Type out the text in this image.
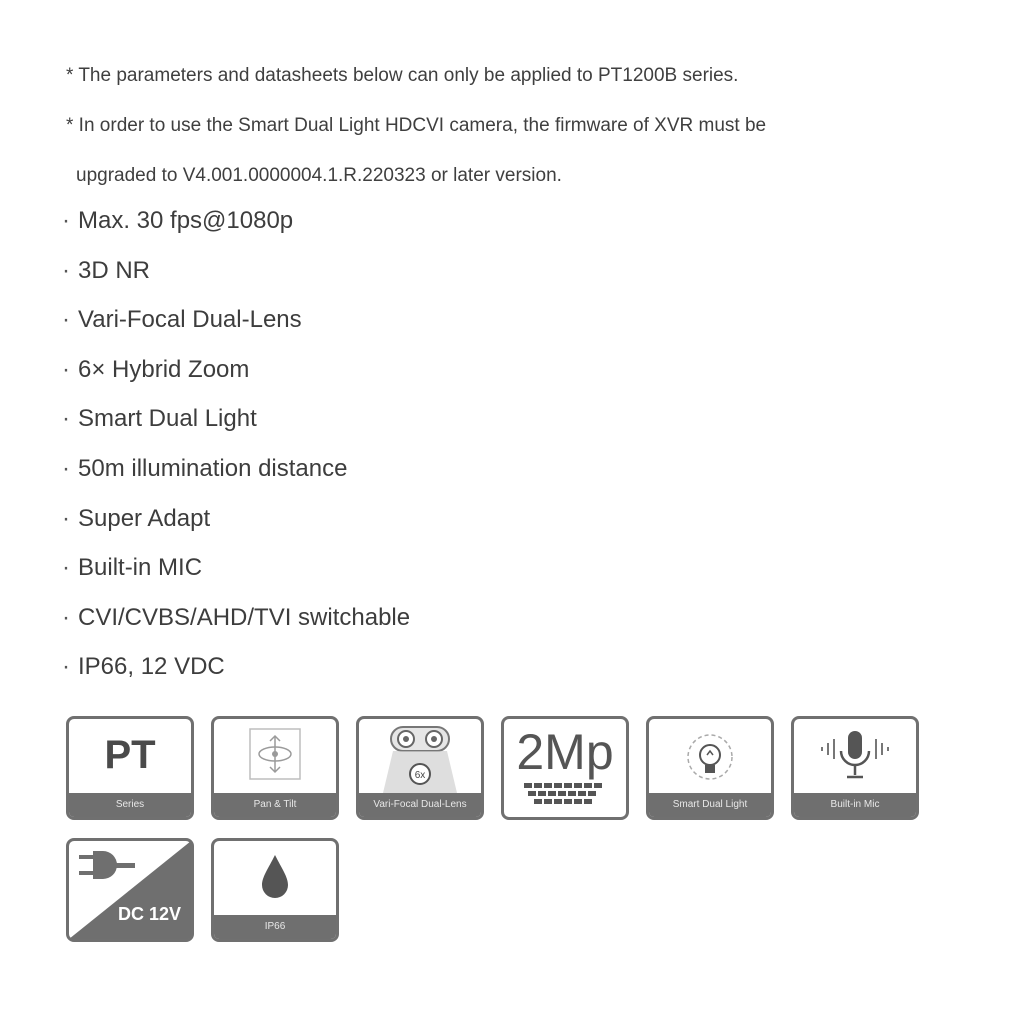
* The parameters and datasheets below can only be applied to PT1200B series.

* In order to use the Smart Dual Light HDCVI camera, the firmware of XVR must be

upgraded to V4.001.0000004.1.R.220323 or later version.

· Max. 30 fps@1080p
· 3D NR
· Vari-Focal Dual-Lens
· 6× Hybrid Zoom
· Smart Dual Light
· 50m illumination distance
· Super Adapt
· Built-in MIC
· CVI/CVBS/AHD/TVI switchable
· IP66, 12 VDC
PT
Series	Pan & Tilt
6x
Vari-Focal Dual-Lens
2Mp
Smart Dual Light	Built-in Mic
DC 12V
IP66
